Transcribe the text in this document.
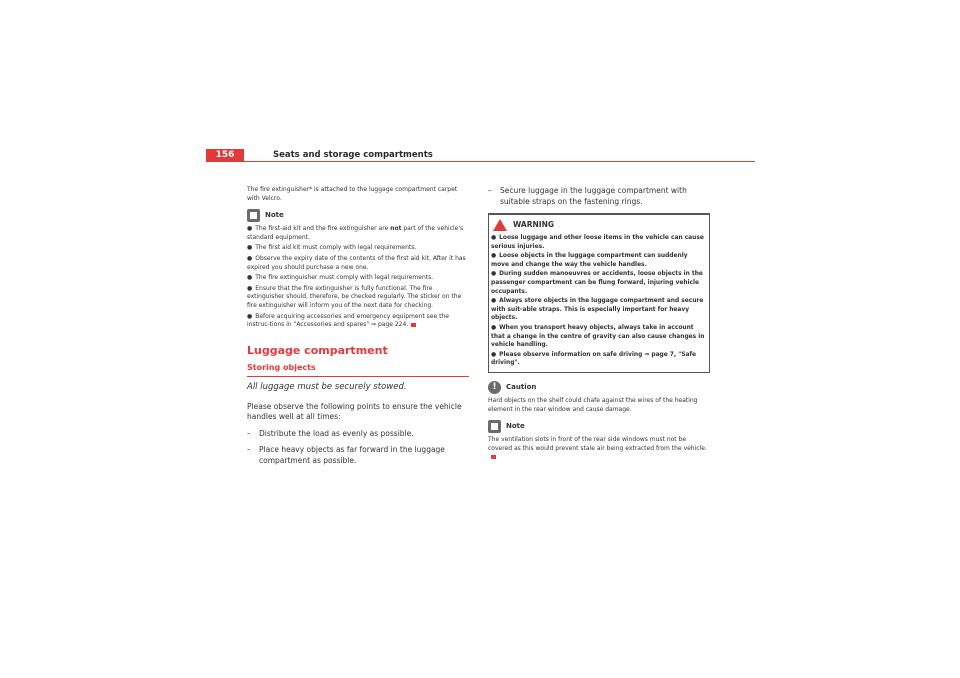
156	Seats and storage compartments

The fire extinguisher* is attached to the luggage compartment carpet with Velcro.

Note
● The first-aid kit and the fire extinguisher are not part of the vehicle's standard equipment.
● The first aid kit must comply with legal requirements.
● Observe the expiry date of the contents of the first aid kit. After it has expired you should purchase a new one.
● The fire extinguisher must comply with legal requirements.
● Ensure that the fire extinguisher is fully functional. The fire extinguisher should, therefore, be checked regularly. The sticker on the fire extinguisher will inform you of the next date for checking.
● Before acquiring accessories and emergency equipment see the instruc-tions in "Accessories and spares" ⇒ page 224.
Luggage compartment
Storing objects

All luggage must be securely stowed.

Please observe the following points to ensure the vehicle handles well at all times:

– Distribute the load as evenly as possible.
– Place heavy objects as far forward in the luggage compartment as possible.
– Secure luggage in the luggage compartment with suitable straps on the fastening rings.
WARNING
● Loose luggage and other loose items in the vehicle can cause serious injuries.
● Loose objects in the luggage compartment can suddenly move and change the way the vehicle handles.
● During sudden manoeuvres or accidents, loose objects in the passenger compartment can be flung forward, injuring vehicle occupants.
● Always store objects in the luggage compartment and secure with suit-able straps. This is especially important for heavy objects.
● When you transport heavy objects, always take in account that a change in the centre of gravity can also cause changes in vehicle handling.
● Please observe information on safe driving ⇒ page 7, "Safe driving".
!	Caution

Hard objects on the shelf could chafe against the wires of the heating element in the rear window and cause damage.

Note

The ventilation slots in front of the rear side windows must not be covered as this would prevent stale air being extracted from the vehicle.
